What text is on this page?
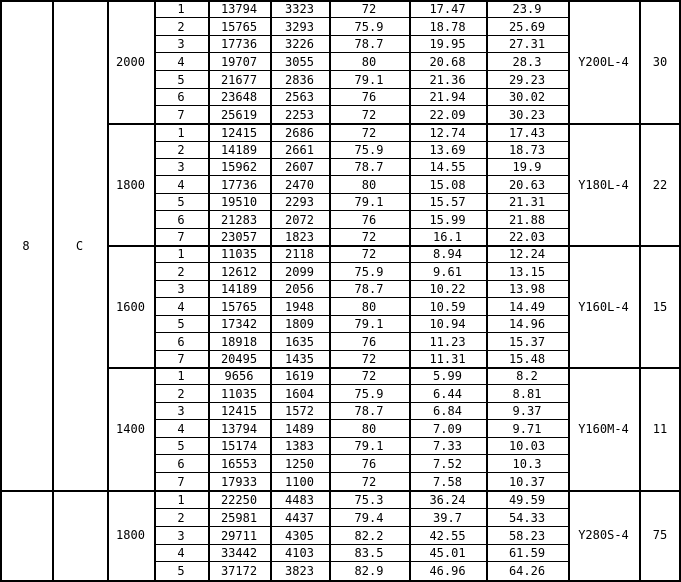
8	C
2000	Y200L-4	30
1	13794	3323	72	17.47	23.9
2	15765	3293	75.9	18.78	25.69
3	17736	3226	78.7	19.95	27.31
4	19707	3055	80	20.68	28.3
5	21677	2836	79.1	21.36	29.23
6	23648	2563	76	21.94	30.02
7	25619	2253	72	22.09	30.23
1800	Y180L-4	22
1	12415	2686	72	12.74	17.43
2	14189	2661	75.9	13.69	18.73
3	15962	2607	78.7	14.55	19.9
4	17736	2470	80	15.08	20.63
5	19510	2293	79.1	15.57	21.31
6	21283	2072	76	15.99	21.88
7	23057	1823	72	16.1	22.03
1600	Y160L-4	15
1	11035	2118	72	8.94	12.24
2	12612	2099	75.9	9.61	13.15
3	14189	2056	78.7	10.22	13.98
4	15765	1948	80	10.59	14.49
5	17342	1809	79.1	10.94	14.96
6	18918	1635	76	11.23	15.37
7	20495	1435	72	11.31	15.48
1400	Y160M-4	11
1	9656	1619	72	5.99	8.2
2	11035	1604	75.9	6.44	8.81
3	12415	1572	78.7	6.84	9.37
4	13794	1489	80	7.09	9.71
5	15174	1383	79.1	7.33	10.03
6	16553	1250	76	7.52	10.3
7	17933	1100	72	7.58	10.37
1800	Y280S-4	75
1	22250	4483	75.3	36.24	49.59
2	25981	4437	79.4	39.7	54.33
3	29711	4305	82.2	42.55	58.23
4	33442	4103	83.5	45.01	61.59
5	37172	3823	82.9	46.96	64.26
